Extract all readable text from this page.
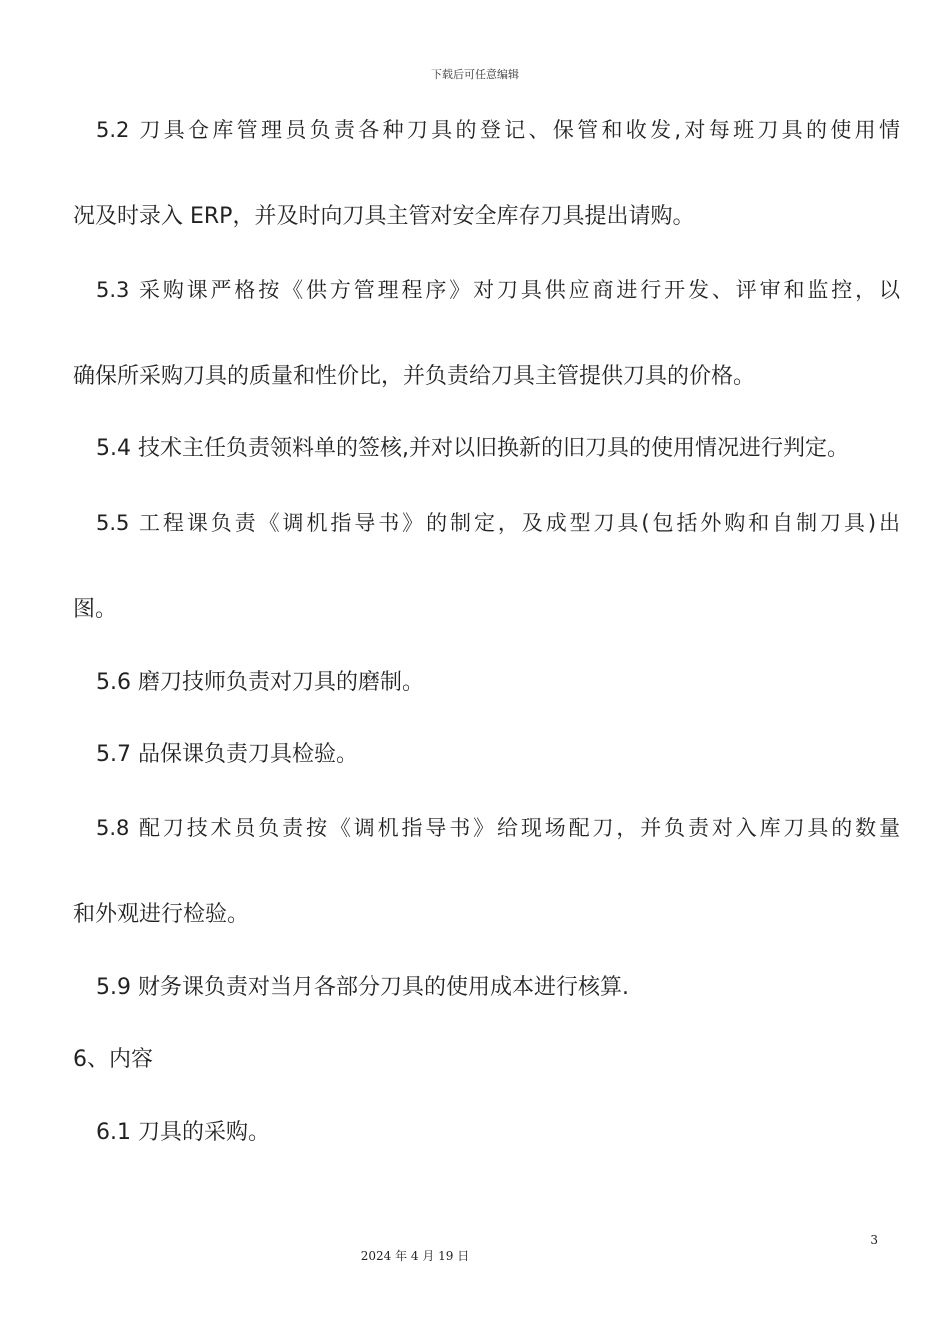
下载后可任意编辑
5.2 刀具仓库管理员负责各种刀具的登记、保管和收发,对每班刀具的使用情
况及时录入 ERP，并及时向刀具主管对安全库存刀具提出请购。
5.3 采购课严格按《供方管理程序》对刀具供应商进行开发、评审和监控，以
确保所采购刀具的质量和性价比，并负责给刀具主管提供刀具的价格。
5.4 技术主任负责领料单的签核,并对以旧换新的旧刀具的使用情况进行判定。
5.5 工程课负责《调机指导书》的制定，及成型刀具(包括外购和自制刀具)出
图。
5.6 磨刀技师负责对刀具的磨制。
5.7 品保课负责刀具检验。
5.8 配刀技术员负责按《调机指导书》给现场配刀，并负责对入库刀具的数量
和外观进行检验。
5.9 财务课负责对当月各部分刀具的使用成本进行核算.
6、内容
6.1 刀具的采购。
3
2024 年 4 月 19 日
